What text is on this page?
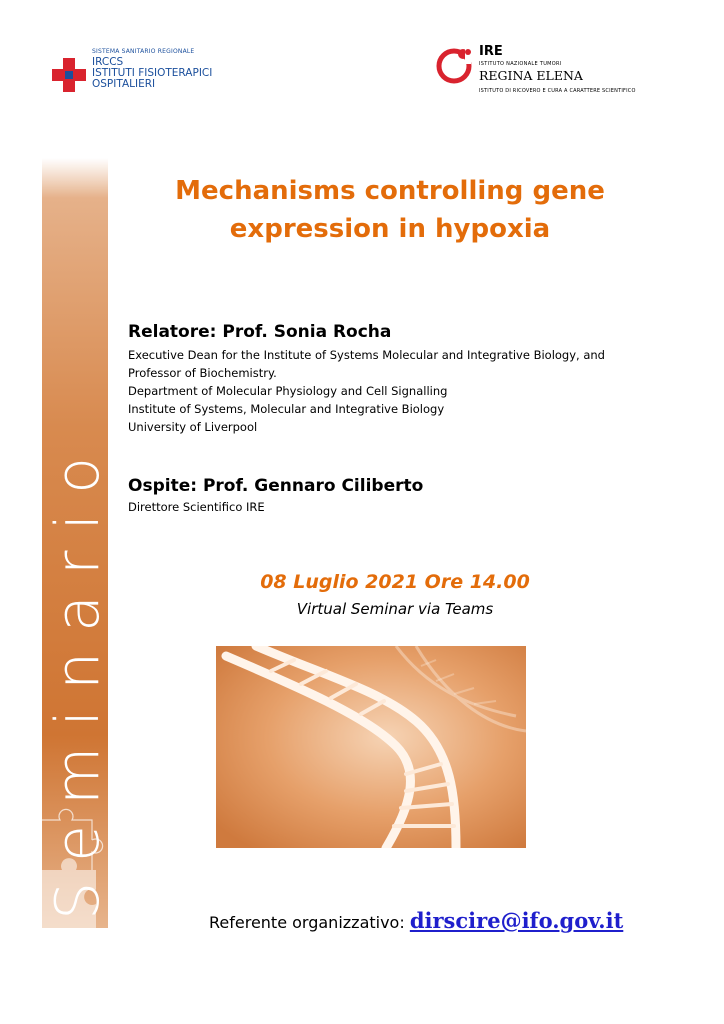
SISTEMA SANITARIO REGIONALE
IRCCS
ISTITUTI FISIOTERAPICI
OSPITALIERI
IRE
ISTITUTO NAZIONALE TUMORI
REGINA ELENA
ISTITUTO DI RICOVERO E CURA A CARATTERE SCIENTIFICO
Seminario
Mechanisms controlling gene
expression in hypoxia
Relatore: Prof. Sonia Rocha
Executive Dean for the Institute of Systems Molecular and Integrative Biology, and
Professor of Biochemistry.
Department of Molecular Physiology and Cell Signalling
Institute of Systems, Molecular and Integrative Biology
University of Liverpool
Ospite: Prof. Gennaro Ciliberto
Direttore Scientifico IRE
08 Luglio 2021 Ore 14.00
Virtual Seminar via Teams
Referente organizzativo: dirscire@ifo.gov.it
